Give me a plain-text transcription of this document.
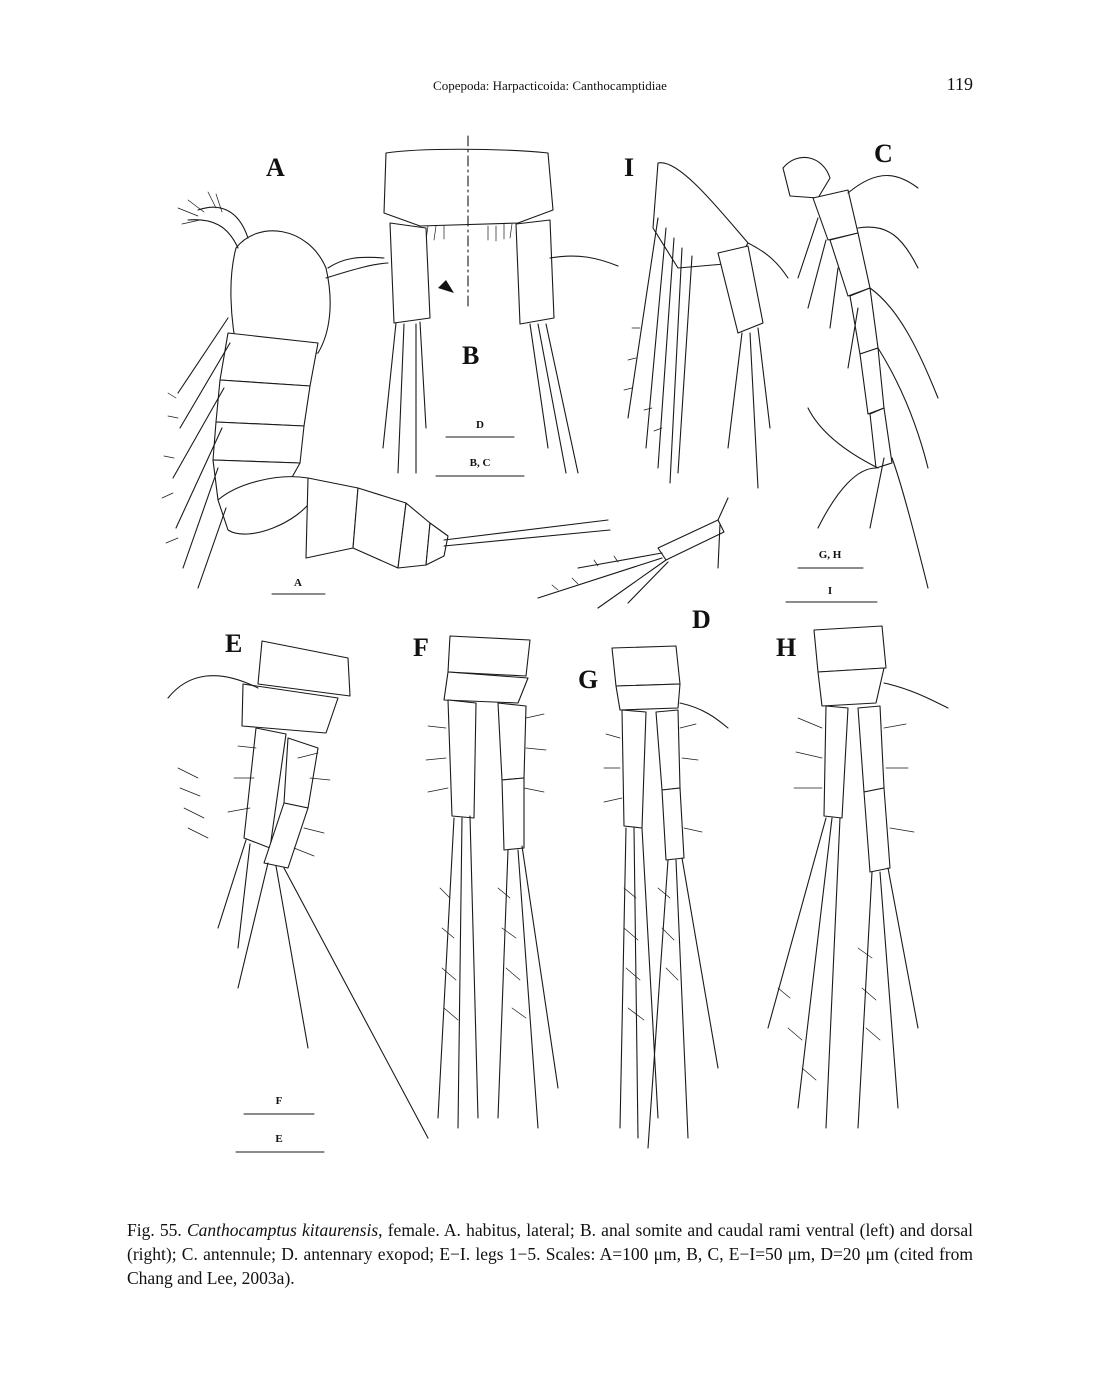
Copepoda: Harpacticoida: Canthocamptidiae	119
A
B
C
D
E	F
G
H
I
D
B, C
A
G, H
I
F
E

Fig. 55. Canthocamptus kitaurensis, female. A. habitus, lateral; B. anal somite and caudal rami ventral (left) and dorsal (right); C. antennule; D. antennary exopod; E−I. legs 1−5. Scales: A=100 μm, B, C, E−I=50 μm, D=20 μm (cited from Chang and Lee, 2003a).
